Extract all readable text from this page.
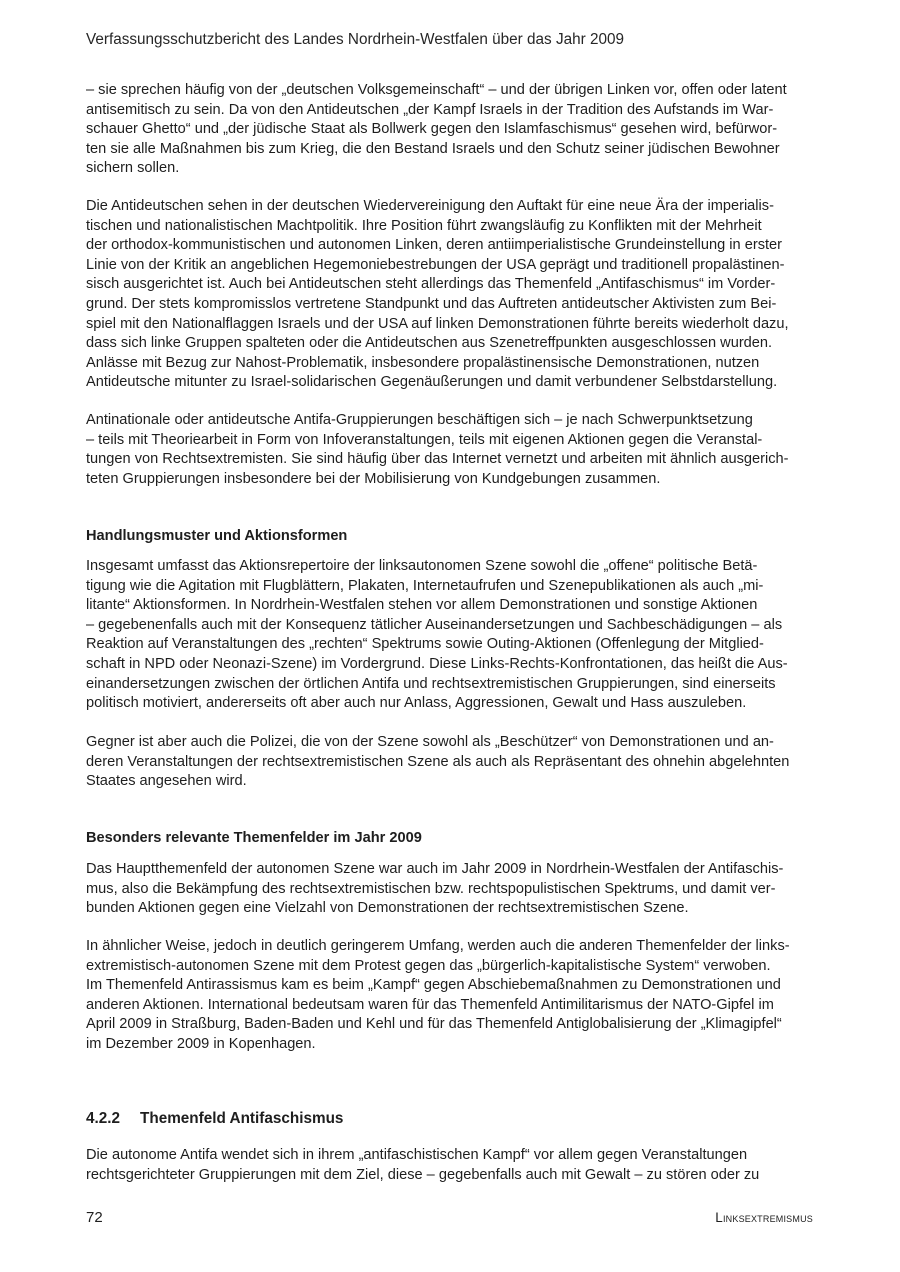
Verfassungsschutzbericht des Landes Nordrhein-Westfalen über das Jahr 2009

– sie sprechen häufig von der „deutschen Volksgemeinschaft“ – und der übrigen Linken vor, offen oder latent
antisemitisch zu sein. Da von den Antideutschen „der Kampf Israels in der Tradition des Aufstands im War-
schauer Ghetto“ und „der jüdische Staat als Bollwerk gegen den Islamfaschismus“ gesehen wird, befürwor-
ten sie alle Maßnahmen bis zum Krieg, die den Bestand Israels und den Schutz seiner jüdischen Bewohner
sichern sollen.

Die Antideutschen sehen in der deutschen Wiedervereinigung den Auftakt für eine neue Ära der imperialis-
tischen und nationalistischen Machtpolitik. Ihre Position führt zwangsläufig zu Konflikten mit der Mehrheit
der orthodox-kommunistischen und autonomen Linken, deren antiimperialistische Grundeinstellung in erster
Linie von der Kritik an angeblichen Hegemoniebestrebungen der USA geprägt und traditionell propalästinen-
sisch ausgerichtet ist. Auch bei Antideutschen steht allerdings das Themenfeld „Antifaschismus“ im Vorder-
grund. Der stets kompromisslos vertretene Standpunkt und das Auftreten antideutscher Aktivisten zum Bei-
spiel mit den Nationalflaggen Israels und der USA auf linken Demonstrationen führte bereits wiederholt dazu,
dass sich linke Gruppen spalteten oder die Antideutschen aus Szenetreffpunkten ausgeschlossen wurden.
Anlässe mit Bezug zur Nahost-Problematik, insbesondere propalästinensische Demonstrationen, nutzen
Antideutsche mitunter zu Israel-solidarischen Gegenäußerungen und damit verbundener Selbstdarstellung.

Antinationale oder antideutsche Antifa-Gruppierungen beschäftigen sich – je nach Schwerpunktsetzung
– teils mit Theoriearbeit in Form von Infoveranstaltungen, teils mit eigenen Aktionen gegen die Veranstal-
tungen von Rechtsextremisten. Sie sind häufig über das Internet vernetzt und arbeiten mit ähnlich ausgerich-
teten Gruppierungen insbesondere bei der Mobilisierung von Kundgebungen zusammen.

Handlungsmuster und Aktionsformen

Insgesamt umfasst das Aktionsrepertoire der linksautonomen Szene sowohl die „offene“ politische Betä-
tigung wie die Agitation mit Flugblättern, Plakaten, Internetaufrufen und Szenepublikationen als auch „mi-
litante“ Aktionsformen. In Nordrhein-Westfalen stehen vor allem Demonstrationen und sonstige Aktionen
– gegebenenfalls auch mit der Konsequenz tätlicher Auseinandersetzungen und Sachbeschädigungen – als
Reaktion auf Veranstaltungen des „rechten“ Spektrums sowie Outing-Aktionen (Offenlegung der Mitglied-
schaft in NPD oder Neonazi-Szene) im Vordergrund. Diese Links-Rechts-Konfrontationen, das heißt die Aus-
einandersetzungen zwischen der örtlichen Antifa und rechtsextremistischen Gruppierungen, sind einerseits
politisch motiviert, andererseits oft aber auch nur Anlass, Aggressionen, Gewalt und Hass auszuleben.

Gegner ist aber auch die Polizei, die von der Szene sowohl als „Beschützer“ von Demonstrationen und an-
deren Veranstaltungen der rechtsextremistischen Szene als auch als Repräsentant des ohnehin abgelehnten
Staates angesehen wird.

Besonders relevante Themenfelder im Jahr 2009

Das Hauptthemenfeld der autonomen Szene war auch im Jahr 2009 in Nordrhein-Westfalen der Antifaschis-
mus, also die Bekämpfung des rechtsextremistischen bzw. rechtspopulistischen Spektrums, und damit ver-
bunden Aktionen gegen eine Vielzahl von Demonstrationen der rechtsextremistischen Szene.

In ähnlicher Weise, jedoch in deutlich geringerem Umfang, werden auch die anderen Themenfelder der links-
extremistisch-autonomen Szene mit dem Protest gegen das „bürgerlich-kapitalistische System“ verwoben.
Im Themenfeld Antirassismus kam es beim „Kampf“ gegen Abschiebemaßnahmen zu Demonstrationen und
anderen Aktionen. International bedeutsam waren für das Themenfeld Antimilitarismus der NATO-Gipfel im
April 2009 in Straßburg, Baden-Baden und Kehl und für das Themenfeld Antiglobalisierung der „Klimagipfel“
im Dezember 2009 in Kopenhagen.

4.2.2 Themenfeld Antifaschismus

Die autonome Antifa wendet sich in ihrem „antifaschistischen Kampf“ vor allem gegen Veranstaltungen
rechtsgerichteter Gruppierungen mit dem Ziel, diese – gegebenfalls auch mit Gewalt – zu stören oder zu

72	Linksextremismus
